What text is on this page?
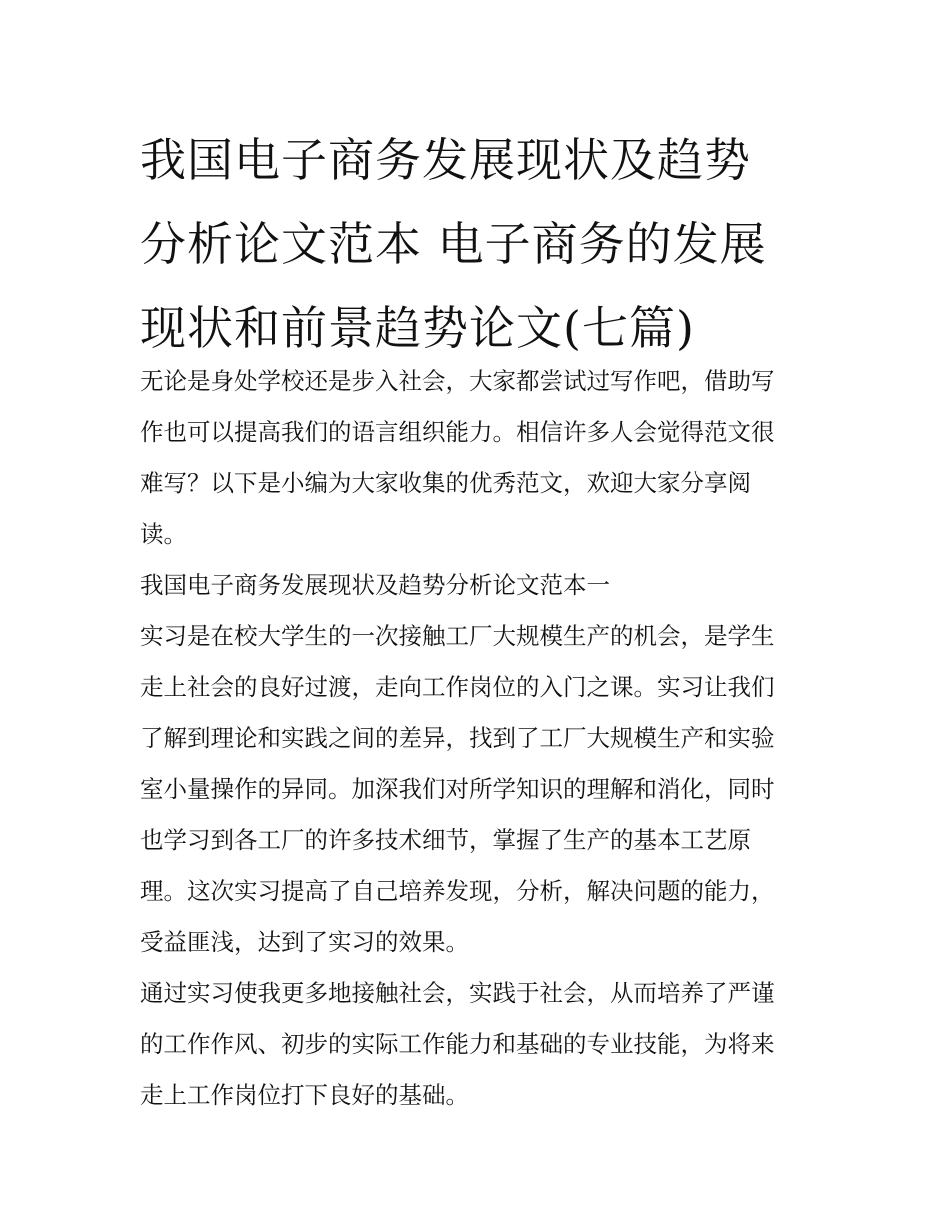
我国电子商务发展现状及趋势
分析论文范本 电子商务的发展
现状和前景趋势论文(七篇)

无论是身处学校还是步入社会，大家都尝试过写作吧，借助写
作也可以提高我们的语言组织能力。相信许多人会觉得范文很
难写？以下是小编为大家收集的优秀范文，欢迎大家分享阅
读。

我国电子商务发展现状及趋势分析论文范本一

实习是在校大学生的一次接触工厂大规模生产的机会，是学生
走上社会的良好过渡，走向工作岗位的入门之课。实习让我们
了解到理论和实践之间的差异，找到了工厂大规模生产和实验
室小量操作的异同。加深我们对所学知识的理解和消化，同时
也学习到各工厂的许多技术细节，掌握了生产的基本工艺原
理。这次实习提高了自己培养发现，分析，解决问题的能力，
受益匪浅，达到了实习的效果。

通过实习使我更多地接触社会，实践于社会，从而培养了严谨
的工作作风、初步的实际工作能力和基础的专业技能，为将来
走上工作岗位打下良好的基础。
